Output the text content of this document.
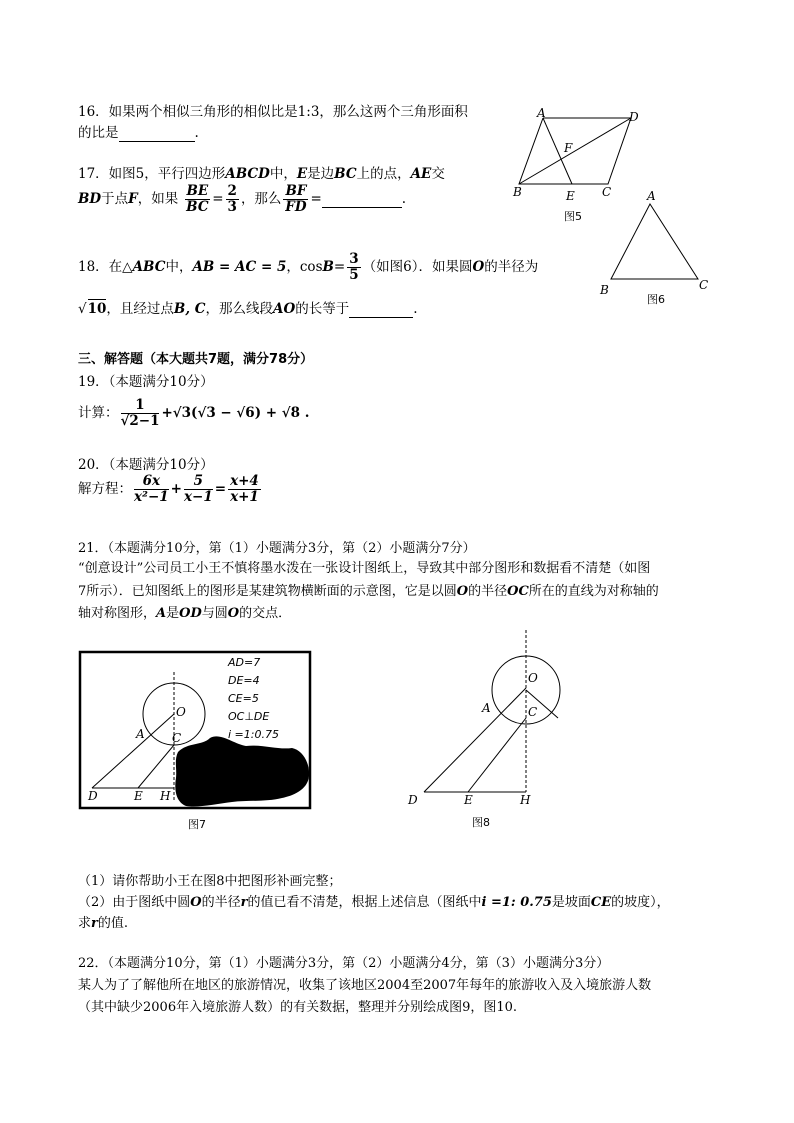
16．如果两个相似三角形的相似比是1:3，那么这两个三角形面积
的比是	.
17．如图5，平行四边形ABCD中，E是边BC上的点，AE交
BD于点F，如果 $\frac{BE}{BC} = \frac{2}{3}$ ，那么 $\frac{BF}{FD}$ =	.
18．在△ABC中，AB = AC = 5，$\cos B= \frac{3}{5}$ （如图6）．如果圆O的半径为
√10，且经过点B, C，那么线段AO的长等于	.
三、解答题（本大题共7题，满分78分）
19．（本题满分10分）
计算： $\frac{1}{√2-1} +√3(√3 - √6) + √8$ .
20．（本题满分10分）
解方程： $\frac{6x}{\text{x²−1}} + \frac{5}{x-1} = \frac{x+4}{x+1}$
21．（本题满分10分，第（1）小题满分3分，第（2）小题满分7分）
“创意设计”公司员工小王不慎将墨水泼在一张设计图纸上，导致其中部分图形和数据看不清楚（如图
7所示）．已知图纸上的图形是某建筑物横断面的示意图，它是以圆O的半径OC所在的直线为对称轴的
轴对称图形，A是OD与圆O的交点．
A	D
F
B	E C
图5
A
B	C
图6
AD=7
DE=4
CE=5
OC⊥DE
i =1:0.75
r =
O
A C
D	E H
图7
O
A	C
D	E	H
图8
（1）请你帮助小王在图8中把图形补画完整；
（2）由于图纸中圆O的半径r的值已看不清楚，根据上述信息（图纸中i =1: 0.75是坡面CE的坡度），
求r的值.
22．（本题满分10分，第（1）小题满分3分，第（2）小题满分4分，第（3）小题满分3分）
某人为了了解他所在地区的旅游情况，收集了该地区2004至2007年每年的旅游收入及入境旅游人数
（其中缺少2006年入境旅游人数）的有关数据，整理并分别绘成图9，图10.
